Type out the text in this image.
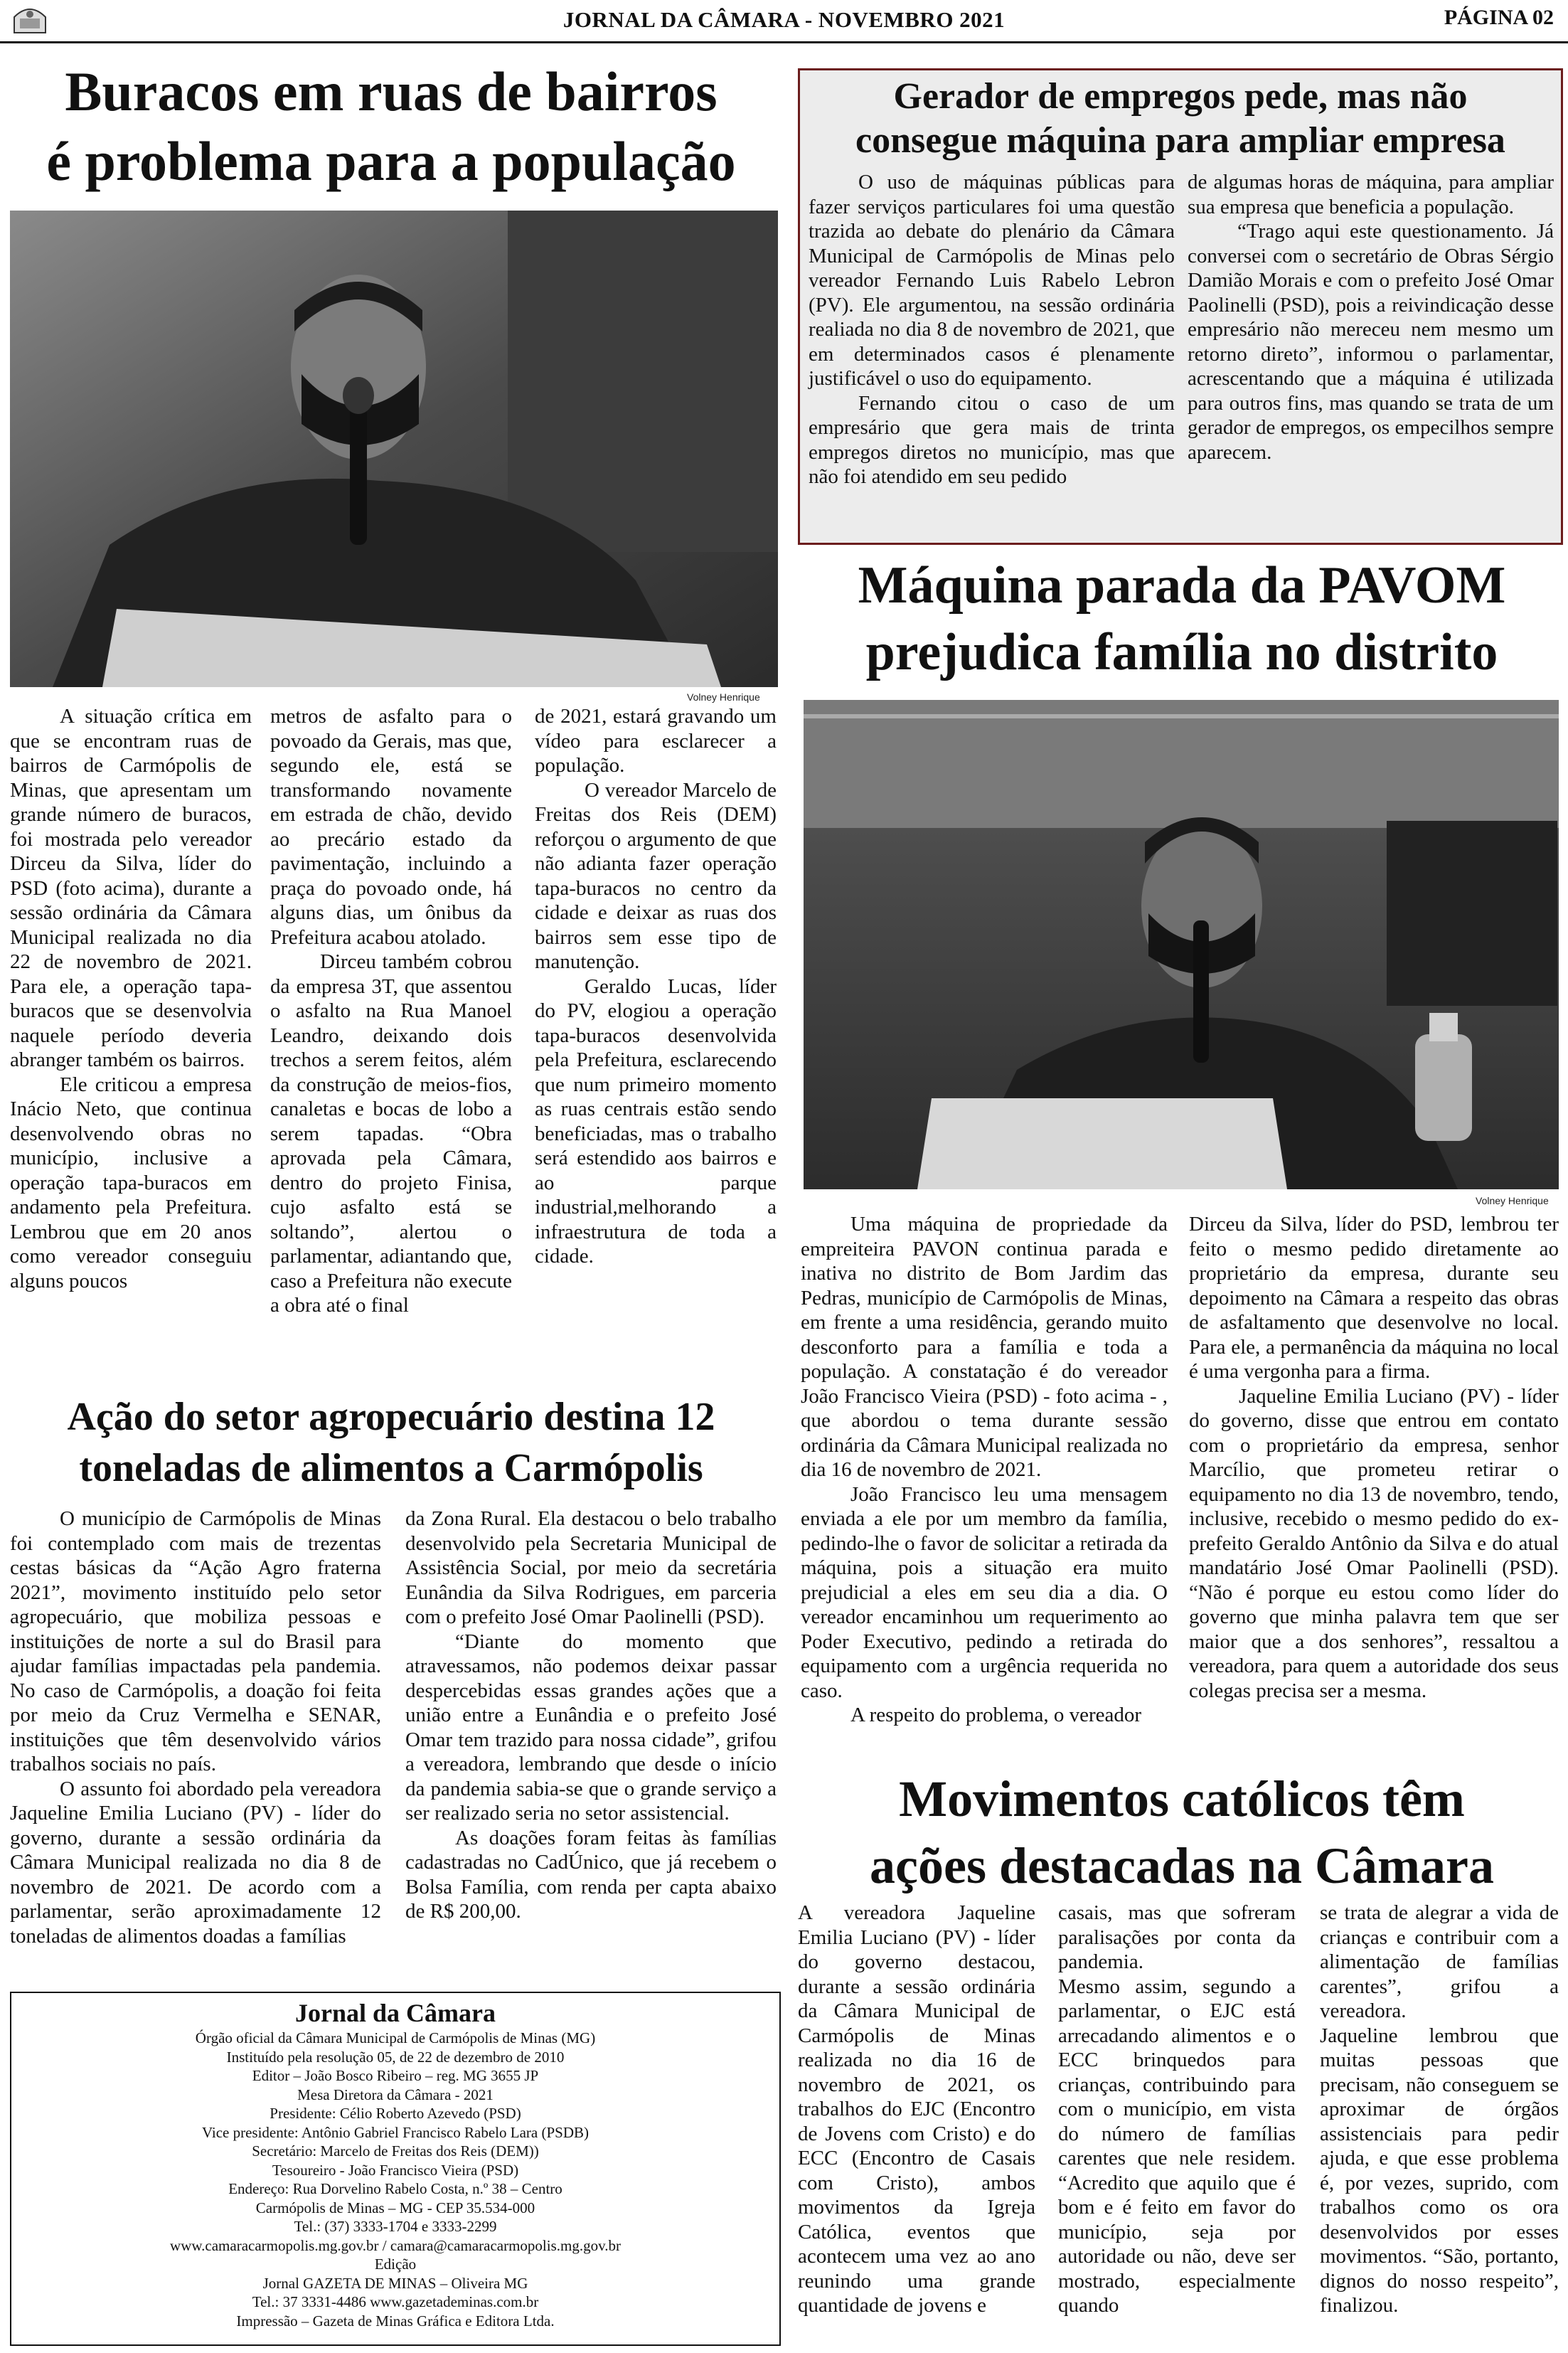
JORNAL DA CÂMARA - NOVEMBRO 2021	PÁGINA 02
Buracos em ruas de bairros
é problema para a população
Volney Henrique

A situação crítica em que se encontram ruas de bairros de Carmópolis de Minas, que apresentam um grande número de buracos, foi mostrada pelo vereador Dirceu da Silva, líder do PSD (foto acima), durante a sessão ordinária da Câmara Municipal realizada no dia 22 de novembro de 2021. Para ele, a operação tapa-buracos que se desenvolvia naquele período deveria abranger também os bairros.

Ele criticou a empresa Inácio Neto, que continua desenvolvendo obras no município, inclusive a operação tapa-buracos em andamento pela Prefeitura. Lembrou que em 20 anos como vereador conseguiu alguns poucos

metros de asfalto para o povoado da Gerais, mas que, segundo ele, está se transformando novamente em estrada de chão, devido ao precário estado da pavimentação, incluindo a praça do povoado onde, há alguns dias, um ônibus da Prefeitura acabou atolado.

Dirceu também cobrou da empresa 3T, que assentou o asfalto na Rua Manoel Leandro, deixando dois trechos a serem feitos, além da construção de meios-fios, canaletas e bocas de lobo a serem tapadas. “Obra aprovada pela Câmara, dentro do projeto Finisa, cujo asfalto está se soltando”, alertou o parlamentar, adiantando que, caso a Prefeitura não execute a obra até o final

de 2021, estará gravando um vídeo para esclarecer a população.

O vereador Marcelo de Freitas dos Reis (DEM) reforçou o argumento de que não adianta fazer operação tapa-buracos no centro da cidade e deixar as ruas dos bairros sem esse tipo de manutenção.

Geraldo Lucas, líder do PV, elogiou a operação tapa-buracos desenvolvida pela Prefeitura, esclarecendo que num primeiro momento as ruas centrais estão sendo beneficiadas, mas o trabalho será estendido aos bairros e ao parque industrial,melhorando a infraestrutura de toda a cidade.

Gerador de empregos pede, mas não
consegue máquina para ampliar empresa

O uso de máquinas públicas para fazer serviços particulares foi uma questão trazida ao debate do plenário da Câmara Municipal de Carmópolis de Minas pelo vereador Fernando Luis Rabelo Lebron (PV). Ele argumentou, na sessão ordinária realiada no dia 8 de novembro de 2021, que em determinados casos é plenamente justificável o uso do equipamento.

Fernando citou o caso de um empresário que gera mais de trinta empregos diretos no município, mas que não foi atendido em seu pedido

de algumas horas de máquina, para ampliar sua empresa que beneficia a população.

“Trago aqui este questionamento. Já conversei com o secretário de Obras Sérgio Damião Morais e com o prefeito José Omar Paolinelli (PSD), pois a reivindicação desse empresário não mereceu nem mesmo um retorno direto”, informou o parlamentar, acrescentando que a máquina é utilizada para outros fins, mas quando se trata de um gerador de empregos, os empecilhos sempre aparecem.

Máquina parada da PAVOM
prejudica família no distrito
Volney Henrique

Uma máquina de propriedade da empreiteira PAVON continua parada e inativa no distrito de Bom Jardim das Pedras, município de Carmópolis de Minas, em frente a uma residência, gerando muito desconforto para a família e toda a população. A constatação é do vereador João Francisco Vieira (PSD) - foto acima - , que abordou o tema durante sessão ordinária da Câmara Municipal realizada no dia 16 de novembro de 2021.

João Francisco leu uma mensagem enviada a ele por um membro da família, pedindo-lhe o favor de solicitar a retirada da máquina, pois a situação era muito prejudicial a eles em seu dia a dia. O vereador encaminhou um requerimento ao Poder Executivo, pedindo a retirada do equipamento com a urgência requerida no caso.

A respeito do problema, o vereador

Dirceu da Silva, líder do PSD, lembrou ter feito o mesmo pedido diretamente ao proprietário da empresa, durante seu depoimento na Câmara a respeito das obras de asfaltamento que desenvolve no local. Para ele, a permanência da máquina no local é uma vergonha para a firma.

Jaqueline Emilia Luciano (PV) - líder do governo, disse que entrou em contato com o proprietário da empresa, senhor Marcílio, que prometeu retirar o equipamento no dia 13 de novembro, tendo, inclusive, recebido o mesmo pedido do ex-prefeito Geraldo Antônio da Silva e do atual mandatário José Omar Paolinelli (PSD). “Não é porque eu estou como líder do governo que minha palavra tem que ser maior que a dos senhores”, ressaltou a vereadora, para quem a autoridade dos seus colegas precisa ser a mesma.

Ação do setor agropecuário destina 12
toneladas de alimentos a Carmópolis

O município de Carmópolis de Minas foi contemplado com mais de trezentas cestas básicas da “Ação Agro fraterna 2021”, movimento instituído pelo setor agropecuário, que mobiliza pessoas e instituições de norte a sul do Brasil para ajudar famílias impactadas pela pandemia. No caso de Carmópolis, a doação foi feita por meio da Cruz Vermelha e SENAR, instituições que têm desenvolvido vários trabalhos sociais no país.

O assunto foi abordado pela vereadora Jaqueline Emilia Luciano (PV) - líder do governo, durante a sessão ordinária da Câmara Municipal realizada no dia 8 de novembro de 2021. De acordo com a parlamentar, serão aproximadamente 12 toneladas de alimentos doadas a famílias

da Zona Rural. Ela destacou o belo trabalho desenvolvido pela Secretaria Municipal de Assistência Social, por meio da secretária Eunândia da Silva Rodrigues, em parceria com o prefeito José Omar Paolinelli (PSD).

“Diante do momento que atravessamos, não podemos deixar passar despercebidas essas grandes ações que a união entre a Eunândia e o prefeito José Omar tem trazido para nossa cidade”, grifou a vereadora, lembrando que desde o início da pandemia sabia-se que o grande serviço a ser realizado seria no setor assistencial.

As doações foram feitas às famílias cadastradas no CadÚnico, que já recebem o Bolsa Família, com renda per capta abaixo de R$ 200,00.

Jornal da Câmara
Órgão oficial da Câmara Municipal de Carmópolis de Minas (MG)
Instituído pela resolução 05, de 22 de dezembro de 2010
Editor – João Bosco Ribeiro – reg. MG 3655 JP
Mesa Diretora da Câmara - 2021
Presidente: Célio Roberto Azevedo (PSD)
Vice presidente: Antônio Gabriel Francisco Rabelo Lara (PSDB)
Secretário: Marcelo de Freitas dos Reis (DEM))
Tesoureiro - João Francisco Vieira (PSD)
Endereço: Rua Dorvelino Rabelo Costa, n.º 38 – Centro
Carmópolis de Minas – MG - CEP 35.534-000
Tel.: (37) 3333-1704 e 3333-2299
www.camaracarmopolis.mg.gov.br / camara@camaracarmopolis.mg.gov.br
Edição
Jornal GAZETA DE MINAS – Oliveira MG
Tel.: 37 3331-4486 www.gazetademinas.com.br
Impressão – Gazeta de Minas Gráfica e Editora Ltda.
Movimentos católicos têm
ações destacadas na Câmara

A vereadora Jaqueline Emilia Luciano (PV) - líder do governo destacou, durante a sessão ordinária da Câmara Municipal de Carmópolis de Minas realizada no dia 16 de novembro de 2021, os trabalhos do EJC (Encontro de Jovens com Cristo) e do ECC (Encontro de Casais com Cristo), ambos movimentos da Igreja Católica, eventos que acontecem uma vez ao ano reunindo uma grande quantidade de jovens e

casais, mas que sofreram paralisações por conta da pandemia.

Mesmo assim, segundo a parlamentar, o EJC está arrecadando alimentos e o ECC brinquedos para crianças, contribuindo para com o município, em vista do número de famílias carentes que nele residem. “Acredito que aquilo que é bom e é feito em favor do município, seja por autoridade ou não, deve ser mostrado, especialmente quando

se trata de alegrar a vida de crianças e contribuir com a alimentação de famílias carentes”, grifou a vereadora.

Jaqueline lembrou que muitas pessoas que precisam, não conseguem se aproximar de órgãos assistenciais para pedir ajuda, e que esse problema é, por vezes, suprido, com trabalhos como os ora desenvolvidos por esses movimentos. “São, portanto, dignos do nosso respeito”, finalizou.
